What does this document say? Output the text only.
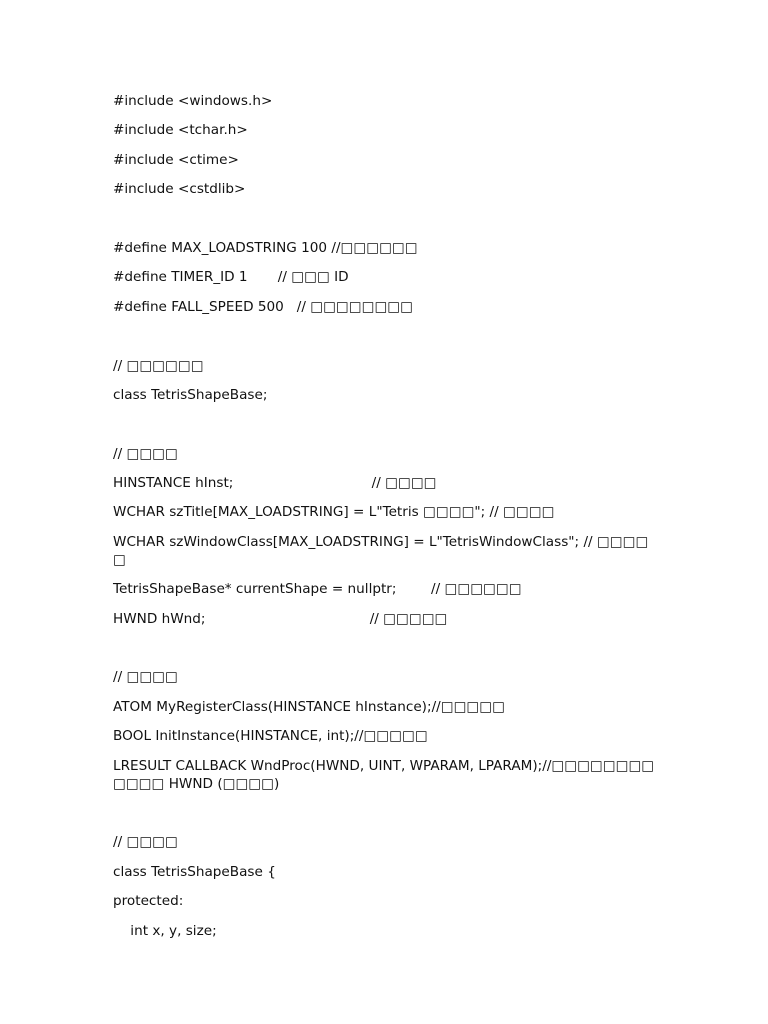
#include <windows.h>
#include <tchar.h>
#include <ctime>
#include <cstdlib>
#define MAX_LOADSTRING 100 //□□□□□□
#define TIMER_ID 1       // □□□ ID
#define FALL_SPEED 500   // □□□□□□□□
// □□□□□□
class TetrisShapeBase;
// □□□□
HINSTANCE hInst;                                // □□□□
WCHAR szTitle[MAX_LOADSTRING] = L"Tetris □□□□"; // □□□□
WCHAR szWindowClass[MAX_LOADSTRING] = L"TetrisWindowClass"; // □□□□□
TetrisShapeBase* currentShape = nullptr;        // □□□□□□
HWND hWnd;                                      // □□□□□
// □□□□
ATOM MyRegisterClass(HINSTANCE hInstance);//□□□□□
BOOL InitInstance(HINSTANCE, int);//□□□□□
LRESULT CALLBACK WndProc(HWND, UINT, WPARAM, LPARAM);//□□□□□□□□□□□□ HWND (□□□□)
// □□□□
class TetrisShapeBase {
protected:
int x, y, size;
